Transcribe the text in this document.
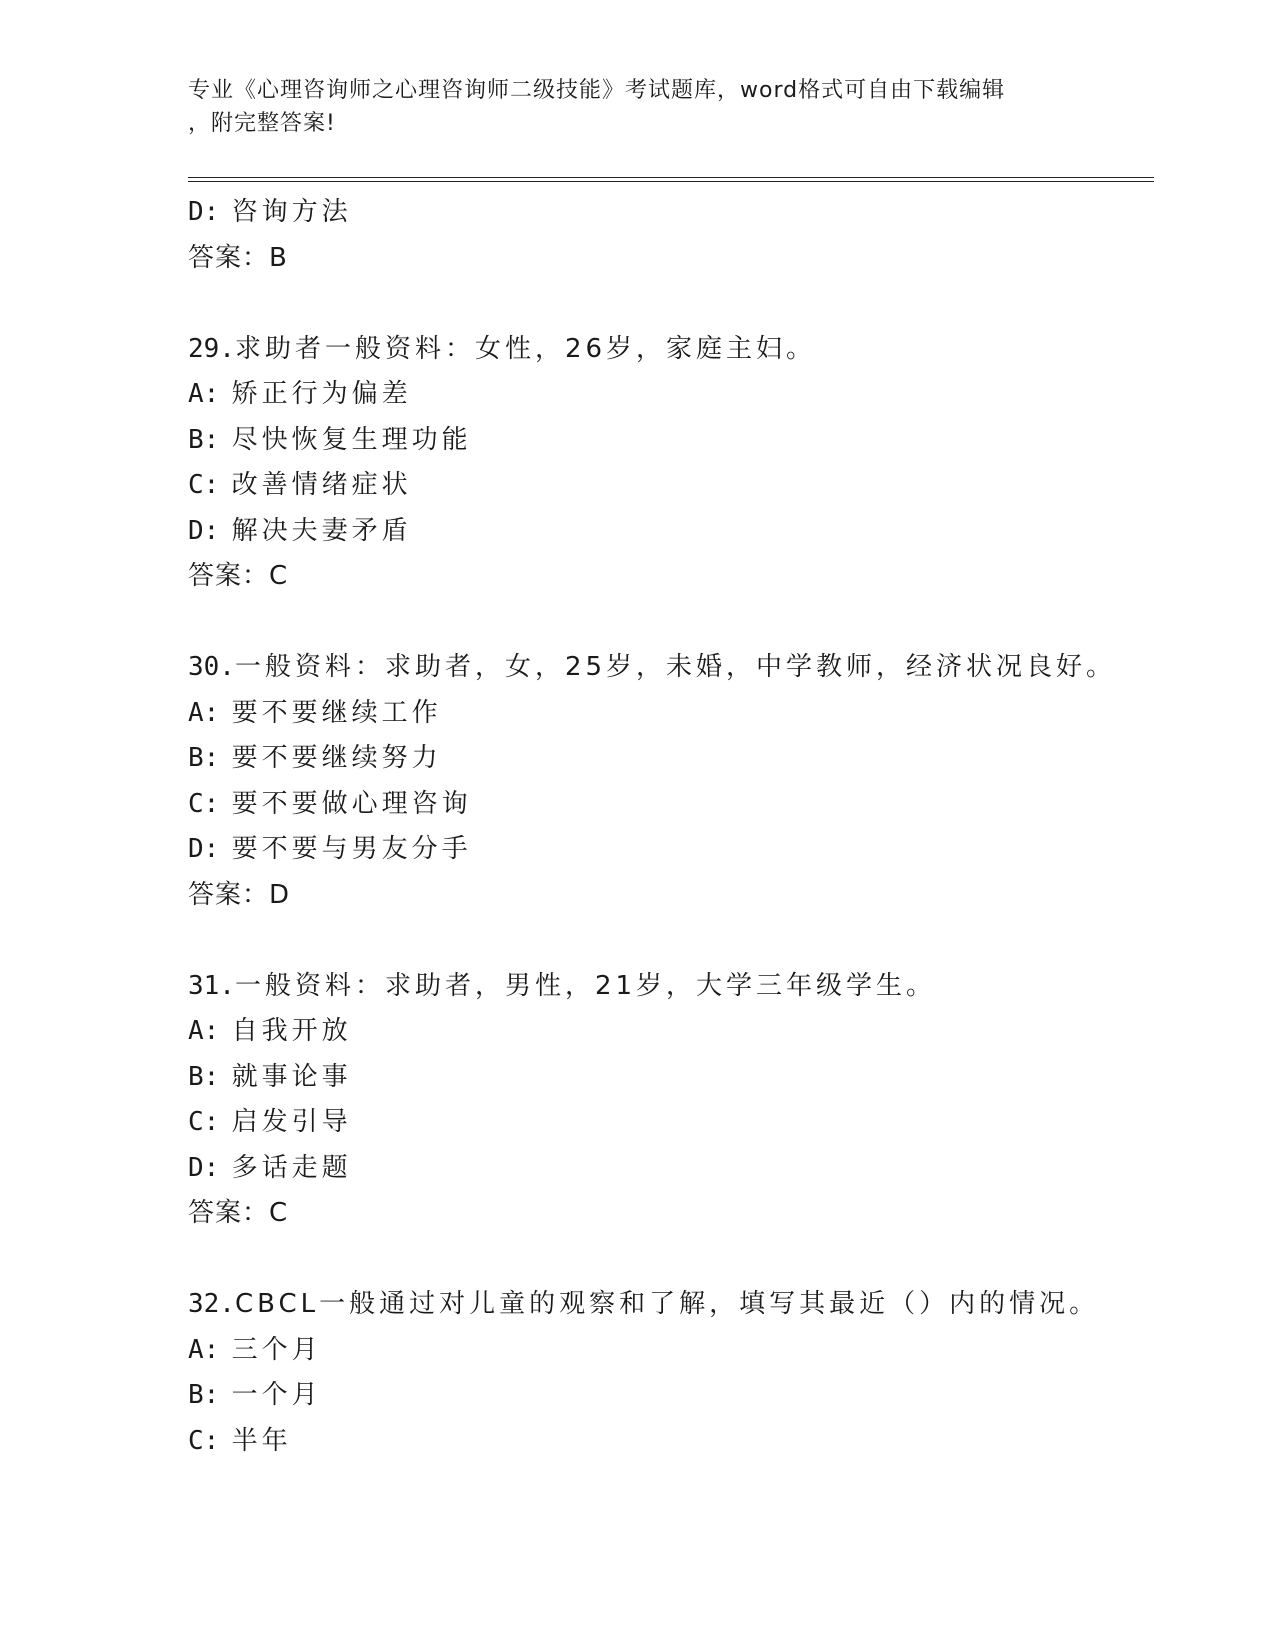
专业《心理咨询师之心理咨询师二级技能》考试题库，word格式可自由下载编辑
，附完整答案!
D: 咨询方法
答案：B
29.求助者一般资料：女性，26岁，家庭主妇。
A: 矫正行为偏差
B: 尽快恢复生理功能
C: 改善情绪症状
D: 解决夫妻矛盾
答案：C
30.一般资料：求助者，女，25岁，未婚，中学教师，经济状况良好。
A: 要不要继续工作
B: 要不要继续努力
C: 要不要做心理咨询
D: 要不要与男友分手
答案：D
31.一般资料：求助者，男性，21岁，大学三年级学生。
A: 自我开放
B: 就事论事
C: 启发引导
D: 多话走题
答案：C
32.CBCL一般通过对儿童的观察和了解，填写其最近（）内的情况。
A: 三个月
B: 一个月
C: 半年
